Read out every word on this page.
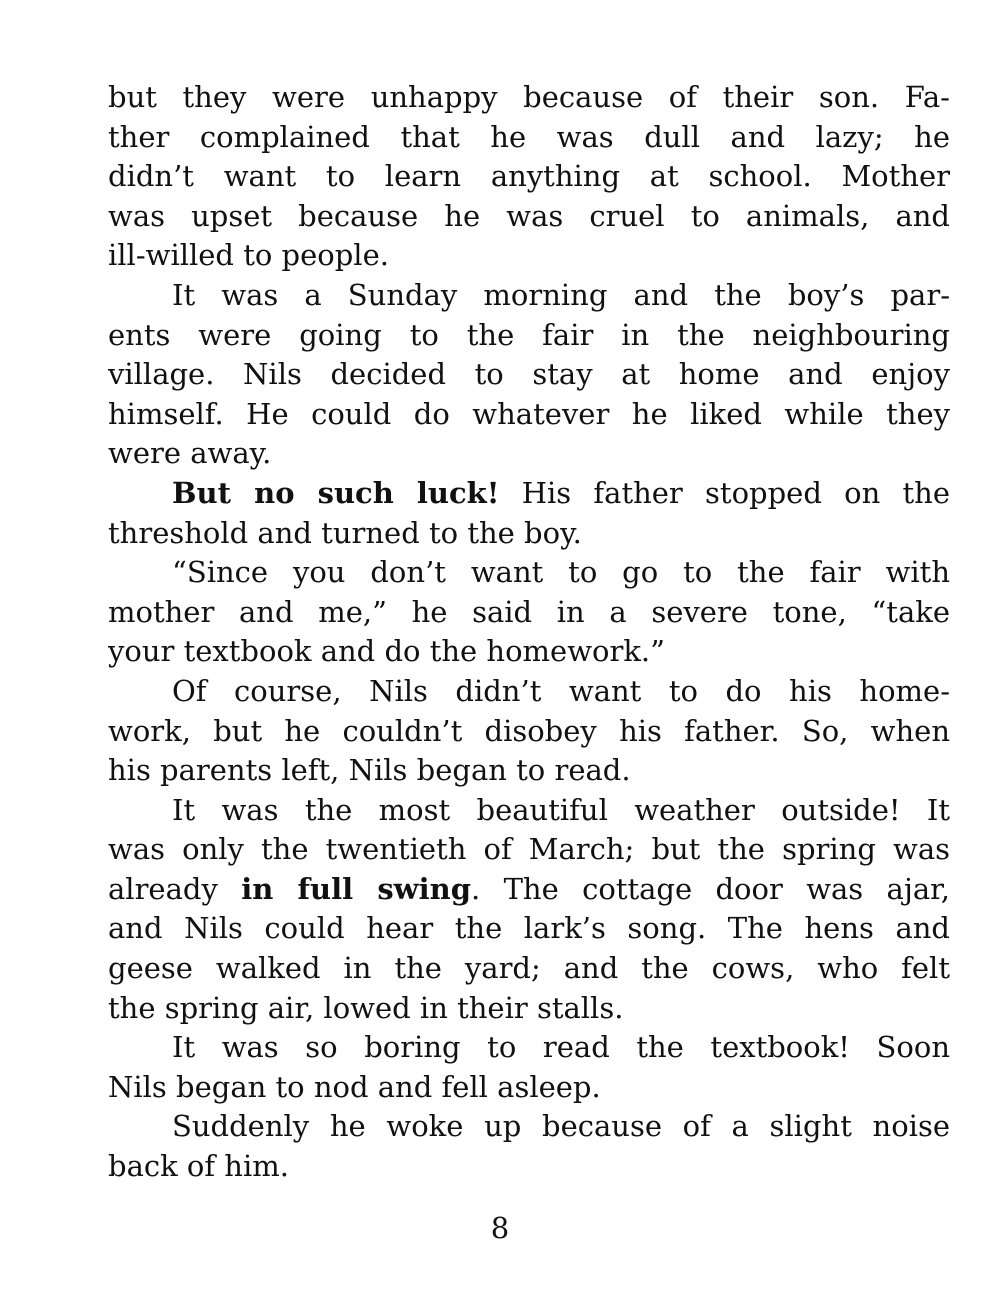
but they were unhappy because of their son. Fa-
ther complained that he was dull and lazy; he
didn’t want to learn anything at school. Mother
was upset because he was cruel to animals, and
ill-willed to people.
It was a Sunday morning and the boy’s par-
ents were going to the fair in the neighbouring
village. Nils decided to stay at home and enjoy
himself. He could do whatever he liked while they
were away.
But no such luck! His father stopped on the
threshold and turned to the boy.
“Since you don’t want to go to the fair with
mother and me,” he said in a severe tone, “take
your textbook and do the homework.”
Of course, Nils didn’t want to do his home-
work, but he couldn’t disobey his father. So, when
his parents left, Nils began to read.
It was the most beautiful weather outside! It
was only the twentieth of March; but the spring was
already in full swing. The cottage door was ajar,
and Nils could hear the lark’s song. The hens and
geese walked in the yard; and the cows, who felt
the spring air, lowed in their stalls.
It was so boring to read the textbook! Soon
Nils began to nod and fell asleep.
Suddenly he woke up because of a slight noise
back of him.
8
